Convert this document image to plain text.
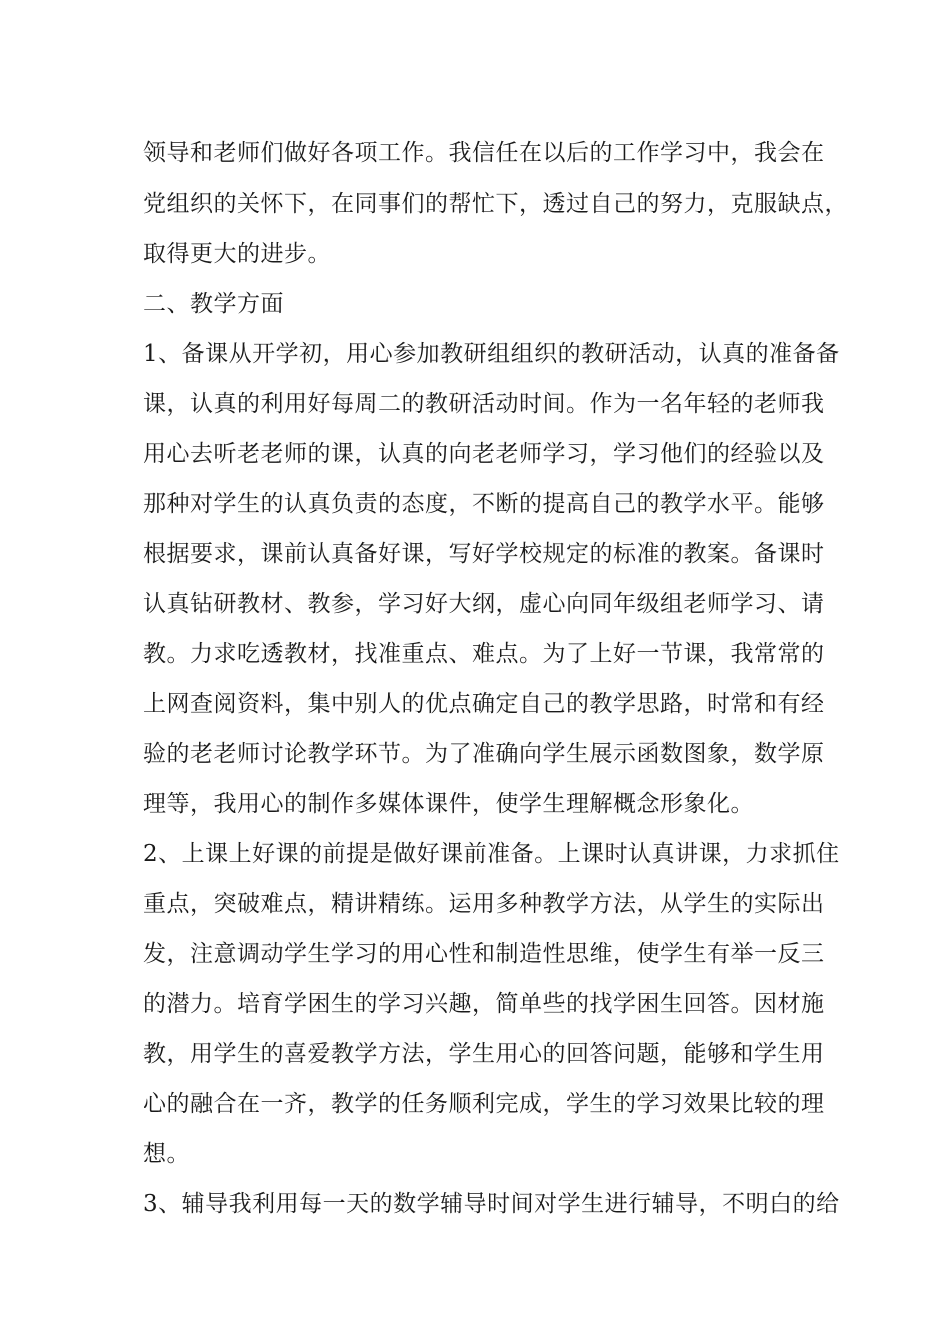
领导和老师们做好各项工作。我信任在以后的工作学习中，我会在
党组织的关怀下，在同事们的帮忙下，透过自己的努力，克服缺点，
取得更大的进步。
二、教学方面
1、备课从开学初，用心参加教研组组织的教研活动，认真的准备备
课，认真的利用好每周二的教研活动时间。作为一名年轻的老师我
用心去听老老师的课，认真的向老老师学习，学习他们的经验以及
那种对学生的认真负责的态度，不断的提高自己的教学水平。能够
根据要求，课前认真备好课，写好学校规定的标准的教案。备课时
认真钻研教材、教参，学习好大纲，虚心向同年级组老师学习、请
教。力求吃透教材，找准重点、难点。为了上好一节课，我常常的
上网查阅资料，集中别人的优点确定自己的教学思路，时常和有经
验的老老师讨论教学环节。为了准确向学生展示函数图象，数学原
理等，我用心的制作多媒体课件，使学生理解概念形象化。
2、上课上好课的前提是做好课前准备。上课时认真讲课，力求抓住
重点，突破难点，精讲精练。运用多种教学方法，从学生的实际出
发，注意调动学生学习的用心性和制造性思维，使学生有举一反三
的潜力。培育学困生的学习兴趣，简单些的找学困生回答。因材施
教，用学生的喜爱教学方法，学生用心的回答问题，能够和学生用
心的融合在一齐，教学的任务顺利完成，学生的学习效果比较的理
想。
3、辅导我利用每一天的数学辅导时间对学生进行辅导，不明白的给
